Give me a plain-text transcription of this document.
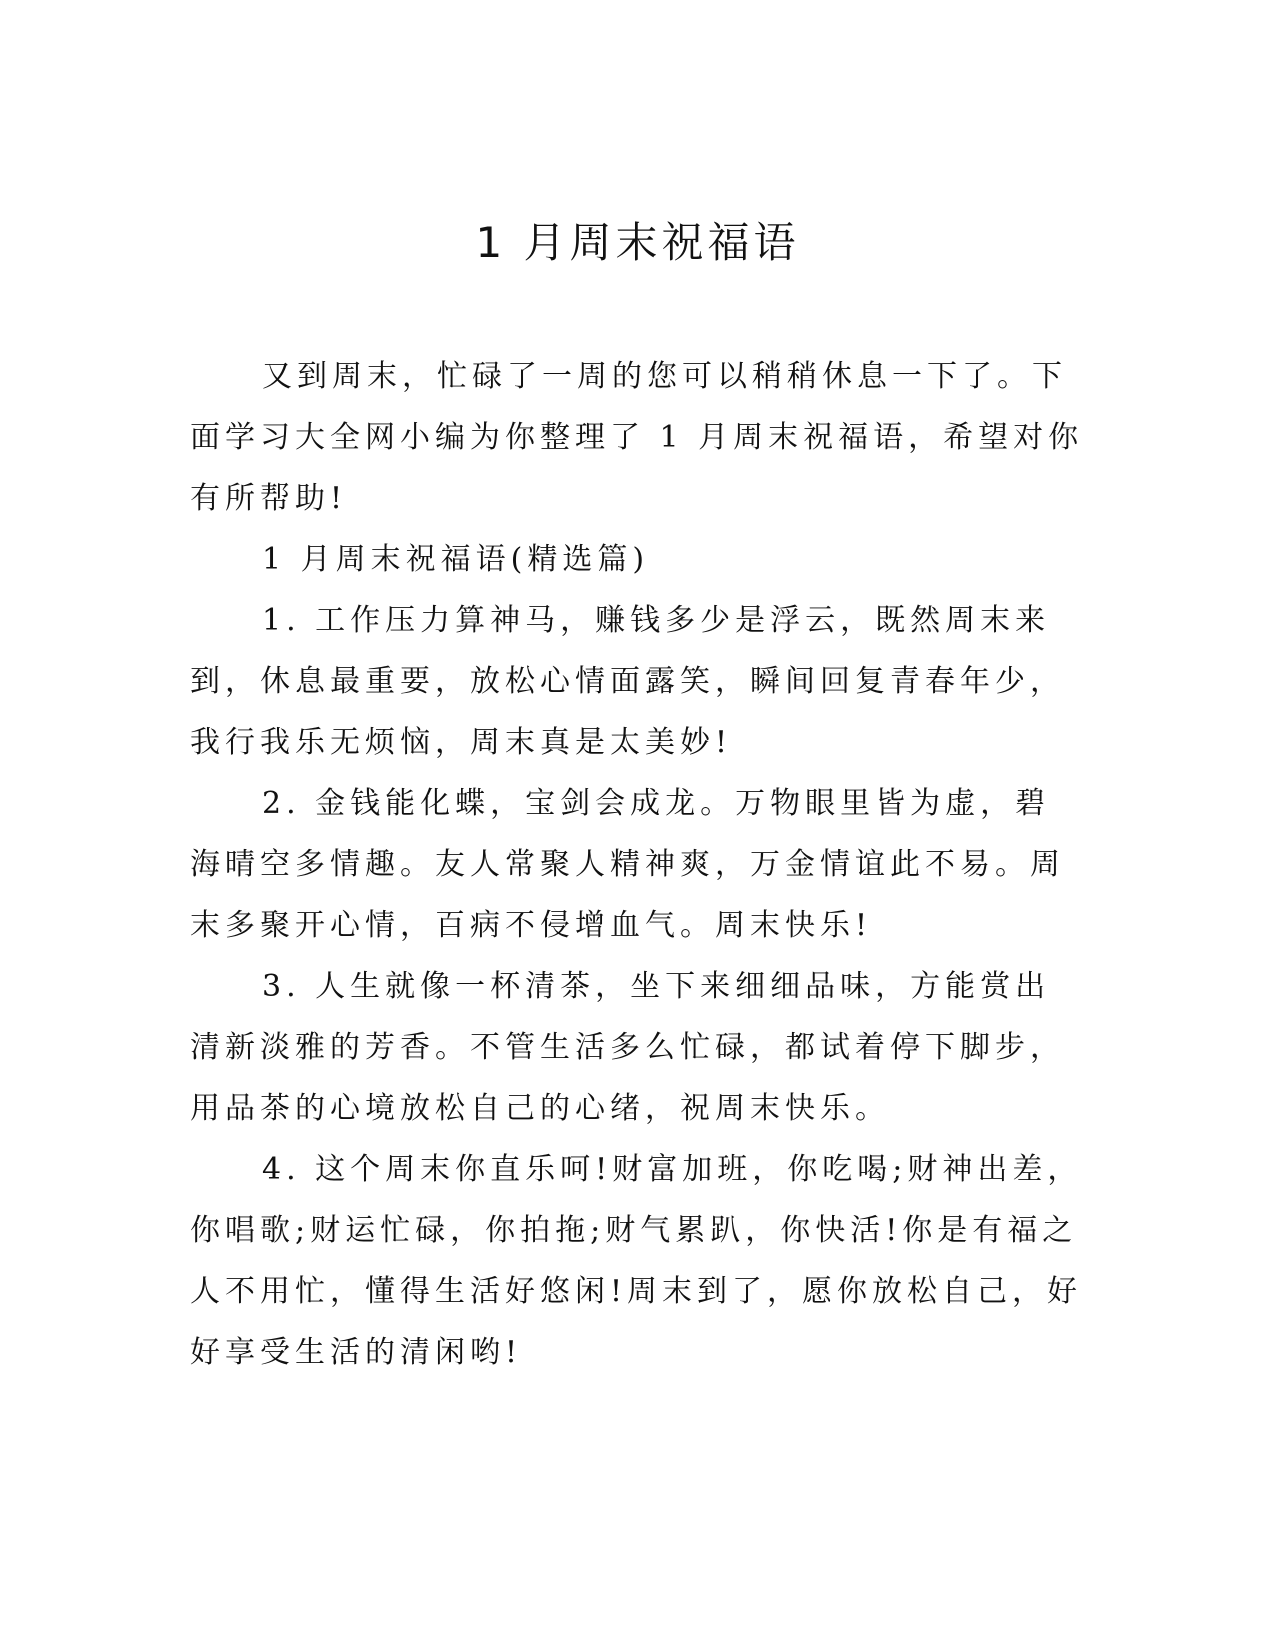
1 月周末祝福语

又到周末，忙碌了一周的您可以稍稍休息一下了。下面学习大全网小编为你整理了 1 月周末祝福语，希望对你有所帮助!

1 月周末祝福语(精选篇)

1. 工作压力算神马，赚钱多少是浮云，既然周末来到，休息最重要，放松心情面露笑，瞬间回复青春年少，我行我乐无烦恼，周末真是太美妙!

2. 金钱能化蝶，宝剑会成龙。万物眼里皆为虚，碧海晴空多情趣。友人常聚人精神爽，万金情谊此不易。周末多聚开心情，百病不侵增血气。周末快乐!

3. 人生就像一杯清茶，坐下来细细品味，方能赏出清新淡雅的芳香。不管生活多么忙碌，都试着停下脚步，用品茶的心境放松自己的心绪，祝周末快乐。

4. 这个周末你直乐呵!财富加班，你吃喝;财神出差，你唱歌;财运忙碌，你拍拖;财气累趴，你快活!你是有福之人不用忙，懂得生活好悠闲!周末到了，愿你放松自己，好好享受生活的清闲哟!
